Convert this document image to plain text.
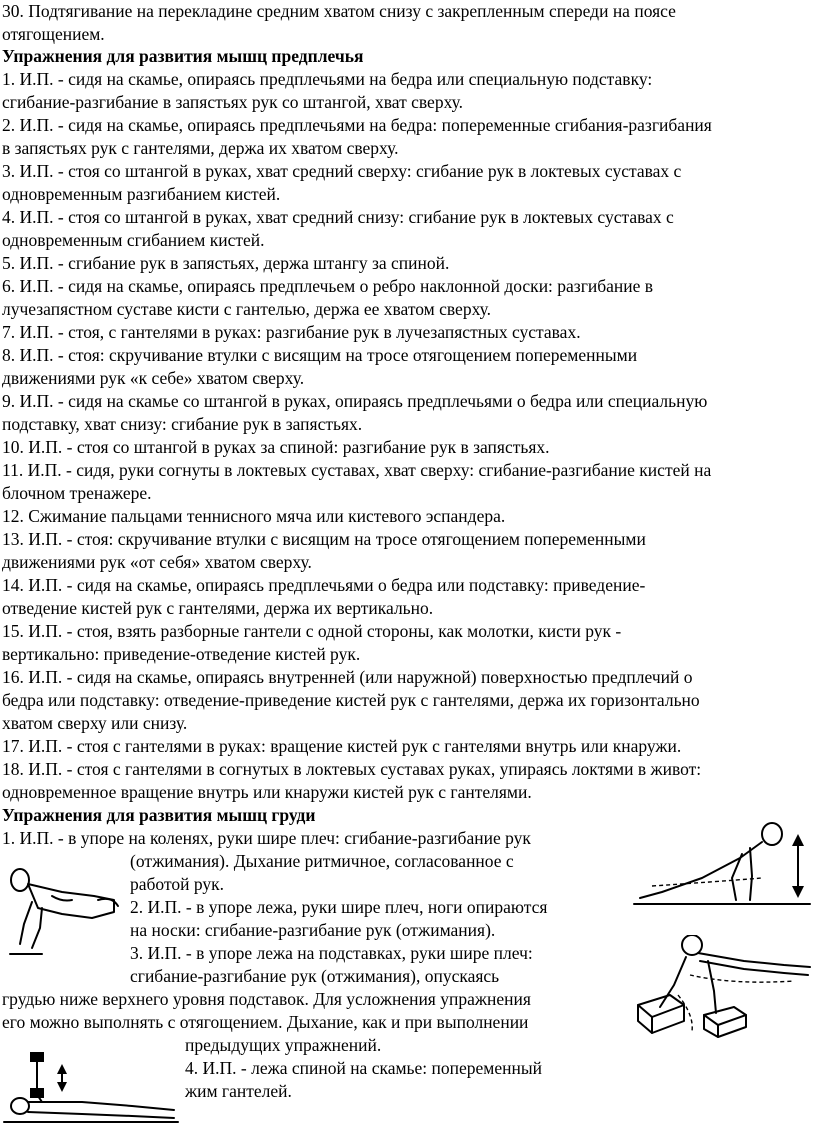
30. Подтягивание на перекладине средним хватом снизу с закрепленным спереди на поясе
отягощением.
Упражнения для развития мышц предплечья
1. И.П. - сидя на скамье, опираясь предплечьями на бедра или специальную подставку:
сгибание-разгибание в запястьях рук со штангой, хват сверху.
2. И.П. - сидя на скамье, опираясь предплечьями на бедра: попеременные сгибания-разгибания
в запястьях рук с гантелями, держа их хватом сверху.
3. И.П. - стоя со штангой в руках, хват средний сверху: сгибание рук в локтевых суставах с
одновременным разгибанием кистей.
4. И.П. - стоя со штангой в руках, хват средний снизу: сгибание рук в локтевых суставах с
одновременным сгибанием кистей.
5. И.П. - сгибание рук в запястьях, держа штангу за спиной.
6. И.П. - сидя на скамье, опираясь предплечьем о ребро наклонной доски: разгибание в
лучезапястном суставе кисти с гантелью, держа ее хватом сверху.
7. И.П. - стоя, с гантелями в руках: разгибание рук в лучезапястных суставах.
8. И.П. - стоя: скручивание втулки с висящим на тросе отягощением попеременными
движениями рук «к себе» хватом сверху.
9. И.П. - сидя на скамье со штангой в руках, опираясь предплечьями о бедра или специальную
подставку, хват снизу: сгибание рук в запястьях.
10. И.П. - стоя со штангой в руках за спиной: разгибание рук в запястьях.
11. И.П. - сидя, руки согнуты в локтевых суставах, хват сверху: сгибание-разгибание кистей на
блочном тренажере.
12. Сжимание пальцами теннисного мяча или кистевого эспандера.
13. И.П. - стоя: скручивание втулки с висящим на тросе отягощением попеременными
движениями рук «от себя» хватом сверху.
14. И.П. - сидя на скамье, опираясь предплечьями о бедра или подставку: приведение-
отведение кистей рук с гантелями, держа их вертикально.
15. И.П. - стоя, взять разборные гантели с одной стороны, как молотки, кисти рук -
вертикально: приведение-отведение кистей рук.
16. И.П. - сидя на скамье, опираясь внутренней (или наружной) поверхностью предплечий о
бедра или подставку: отведение-приведение кистей рук с гантелями, держа их горизонтально
хватом сверху или снизу.
17. И.П. - стоя с гантелями в руках: вращение кистей рук с гантелями внутрь или кнаружи.
18. И.П. - стоя с гантелями в согнутых в локтевых суставах руках, упираясь локтями в живот:
одновременное вращение внутрь или кнаружи кистей рук с гантелями.
Упражнения для развития мышц груди
1. И.П. - в упоре на коленях, руки шире плеч: сгибание-разгибание рук
(отжимания). Дыхание ритмичное, согласованное с
работой рук.
2. И.П. - в упоре лежа, руки шире плеч, ноги опираются
на носки: сгибание-разгибание рук (отжимания).
3. И.П. - в упоре лежа на подставках, руки шире плеч:
сгибание-разгибание рук (отжимания), опускаясь
грудью ниже верхнего уровня подставок. Для усложнения упражнения
его можно выполнять с отягощением. Дыхание, как и при выполнении
предыдущих упражнений.
4. И.П. - лежа спиной на скамье: попеременный
жим гантелей.
